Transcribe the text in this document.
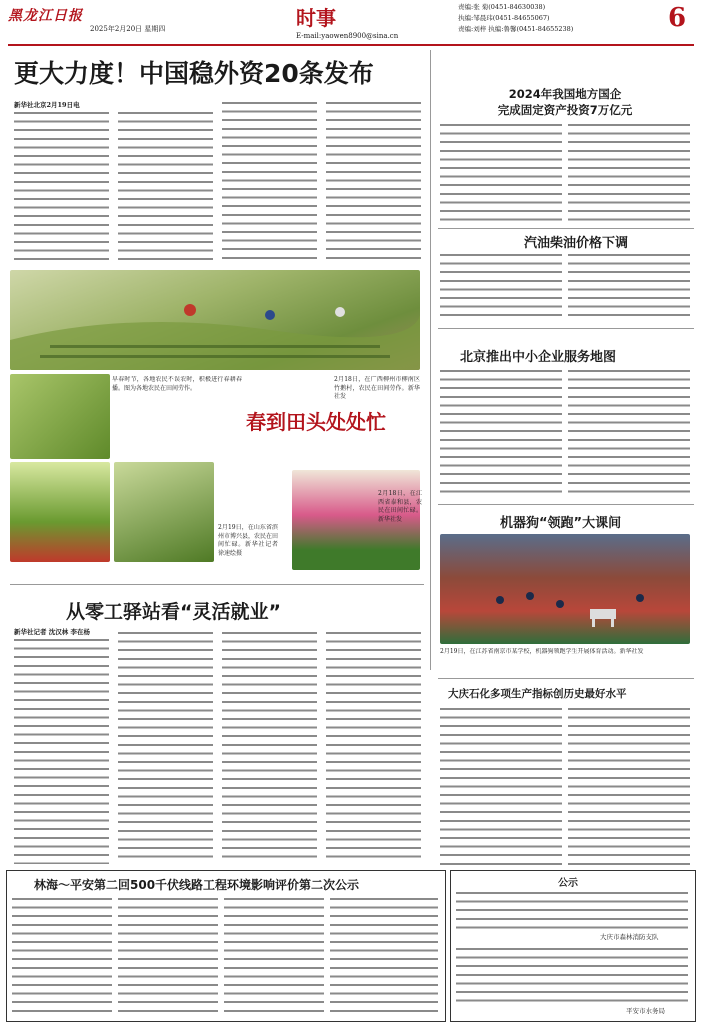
黑龙江日报
2025年2月20日 星期四	时事
E-mail:yaowen8900@sina.cn
责编:张 菊(0451-84630038)
执编:邹晨玮(0451-84655067)
责编:刘梓 执编:鲁馨(0451-84655238)	6
更大力度！中国稳外资20条发布
新华社北京2月19日电
春到田头处处忙
早春时节，各地农民不误农时，积极进行春耕春播。图为各地农民在田间劳作。
2月18日，在广西柳州市柳南区竹鹅村，农民在田间劳作。新华社发
2月19日，在山东省滨州市博兴县，农民在田间忙碌。新华社记者 徐速绘摄
2月18日，在江西省泰和县，农民在田间忙碌。新华社发
从零工驿站看“灵活就业”
新华社记者 沈汉林 李在杨
2024年我国地方国企
完成固定资产投资7万亿元
汽油柴油价格下调
北京推出中小企业服务地图
机器狗“领跑”大课间
2月19日，在江苏省南京市某学校，机器狗领跑学生开展体育活动。新华社发
大庆石化多项生产指标创历史最好水平
林海～平安第二回500千伏线路工程环境影响评价第二次公示	公示
大庆市森林消防支队
平安市水务局
